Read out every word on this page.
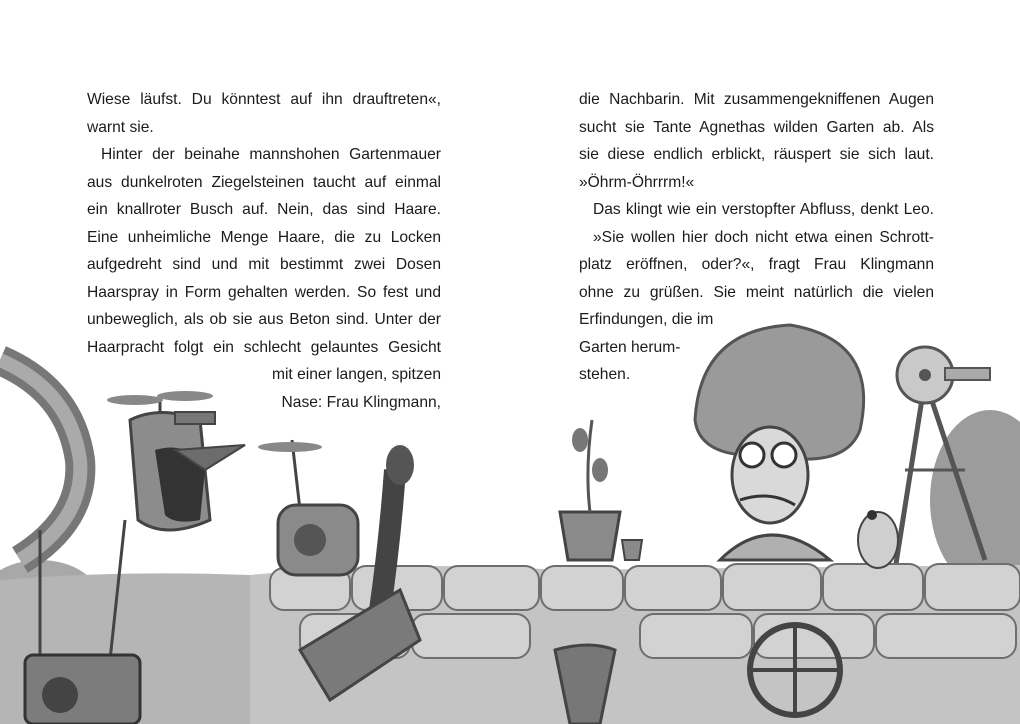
Wiese läufst. Du könntest auf ihn drauftreten«,
warnt sie.
Hinter der beinahe mannshohen Gartenmauer
aus dunkelroten Ziegelsteinen taucht auf einmal
ein knallroter Busch auf. Nein, das sind Haare.
Eine unheimliche Menge Haare, die zu Locken
aufgedreht sind und mit bestimmt zwei Dosen
Haarspray in Form gehalten werden. So fest und
unbeweglich, als ob sie aus Beton sind. Unter der
Haarpracht folgt ein schlecht gelauntes Gesicht
mit einer langen, spitzen
Nase: Frau Klingmann,
die Nachbarin. Mit zusammengekniffenen Augen
sucht sie Tante Agnethas wilden Garten ab. Als
sie diese endlich erblickt, räuspert sie sich laut.
»Öhrm-Öhrrrm!«
Das klingt wie ein verstopfter Abfluss, denkt Leo.
»Sie wollen hier doch nicht etwa einen Schrott-
platz eröffnen, oder?«, fragt Frau Klingmann
ohne zu grüßen. Sie meint natürlich die vielen
Erfindungen, die im
Garten herum-
stehen.
